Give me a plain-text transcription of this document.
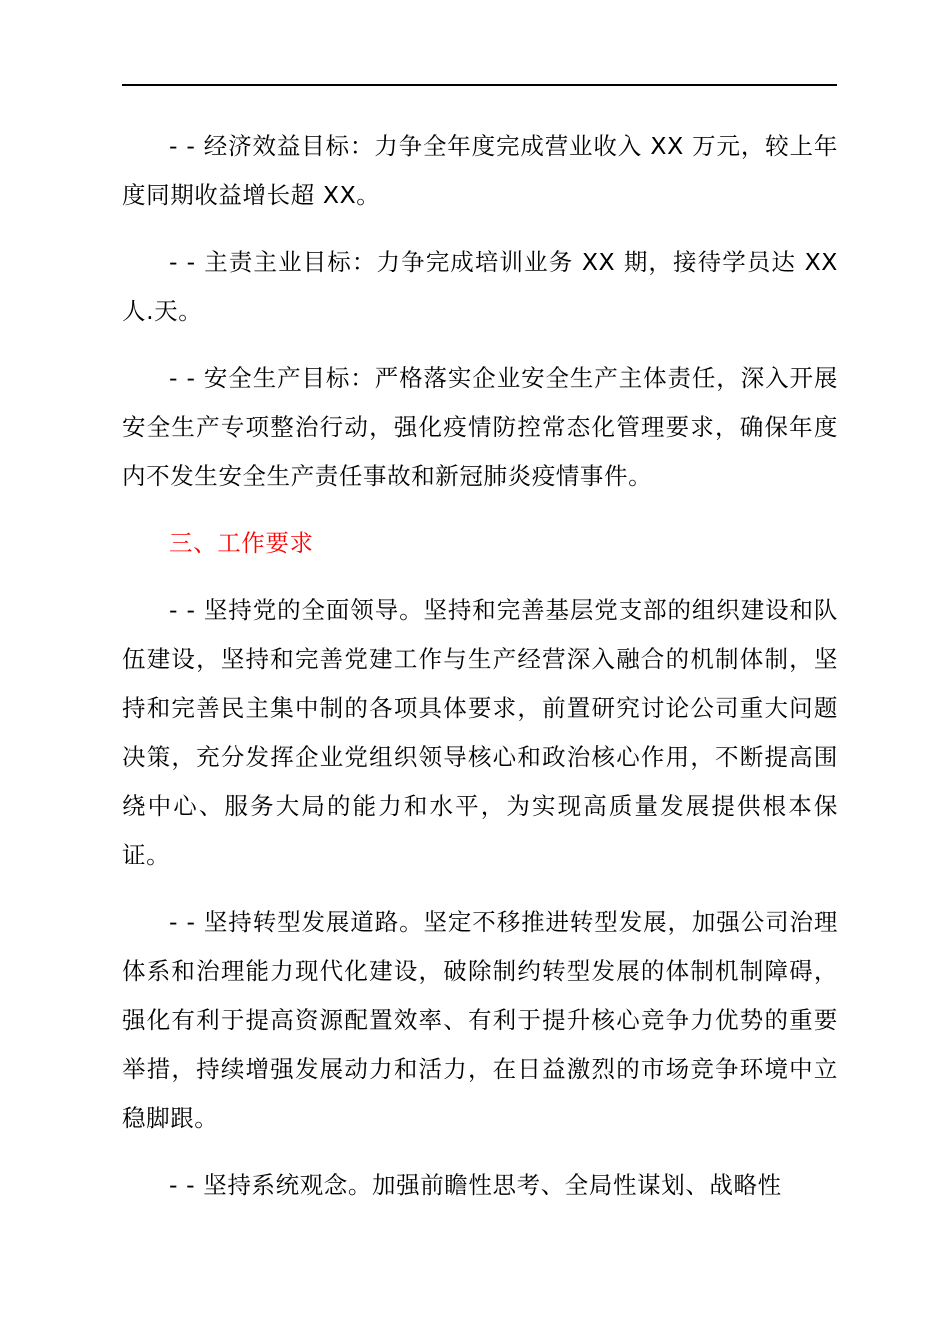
- - 经济效益目标：力争全年度完成营业收入 XX 万元，较上年度同期收益增长超 XX。

- - 主责主业目标：力争完成培训业务 XX 期，接待学员达 XX 人.天。

- - 安全生产目标：严格落实企业安全生产主体责任，深入开展安全生产专项整治行动，强化疫情防控常态化管理要求，确保年度内不发生安全生产责任事故和新冠肺炎疫情事件。

三、工作要求

- - 坚持党的全面领导。坚持和完善基层党支部的组织建设和队伍建设，坚持和完善党建工作与生产经营深入融合的机制体制，坚持和完善民主集中制的各项具体要求，前置研究讨论公司重大问题决策，充分发挥企业党组织领导核心和政治核心作用，不断提高围绕中心、服务大局的能力和水平，为实现高质量发展提供根本保证。

- - 坚持转型发展道路。坚定不移推进转型发展，加强公司治理体系和治理能力现代化建设，破除制约转型发展的体制机制障碍，强化有利于提高资源配置效率、有利于提升核心竞争力优势的重要举措，持续增强发展动力和活力，在日益激烈的市场竞争环境中立稳脚跟。

- - 坚持系统观念。加强前瞻性思考、全局性谋划、战略性
